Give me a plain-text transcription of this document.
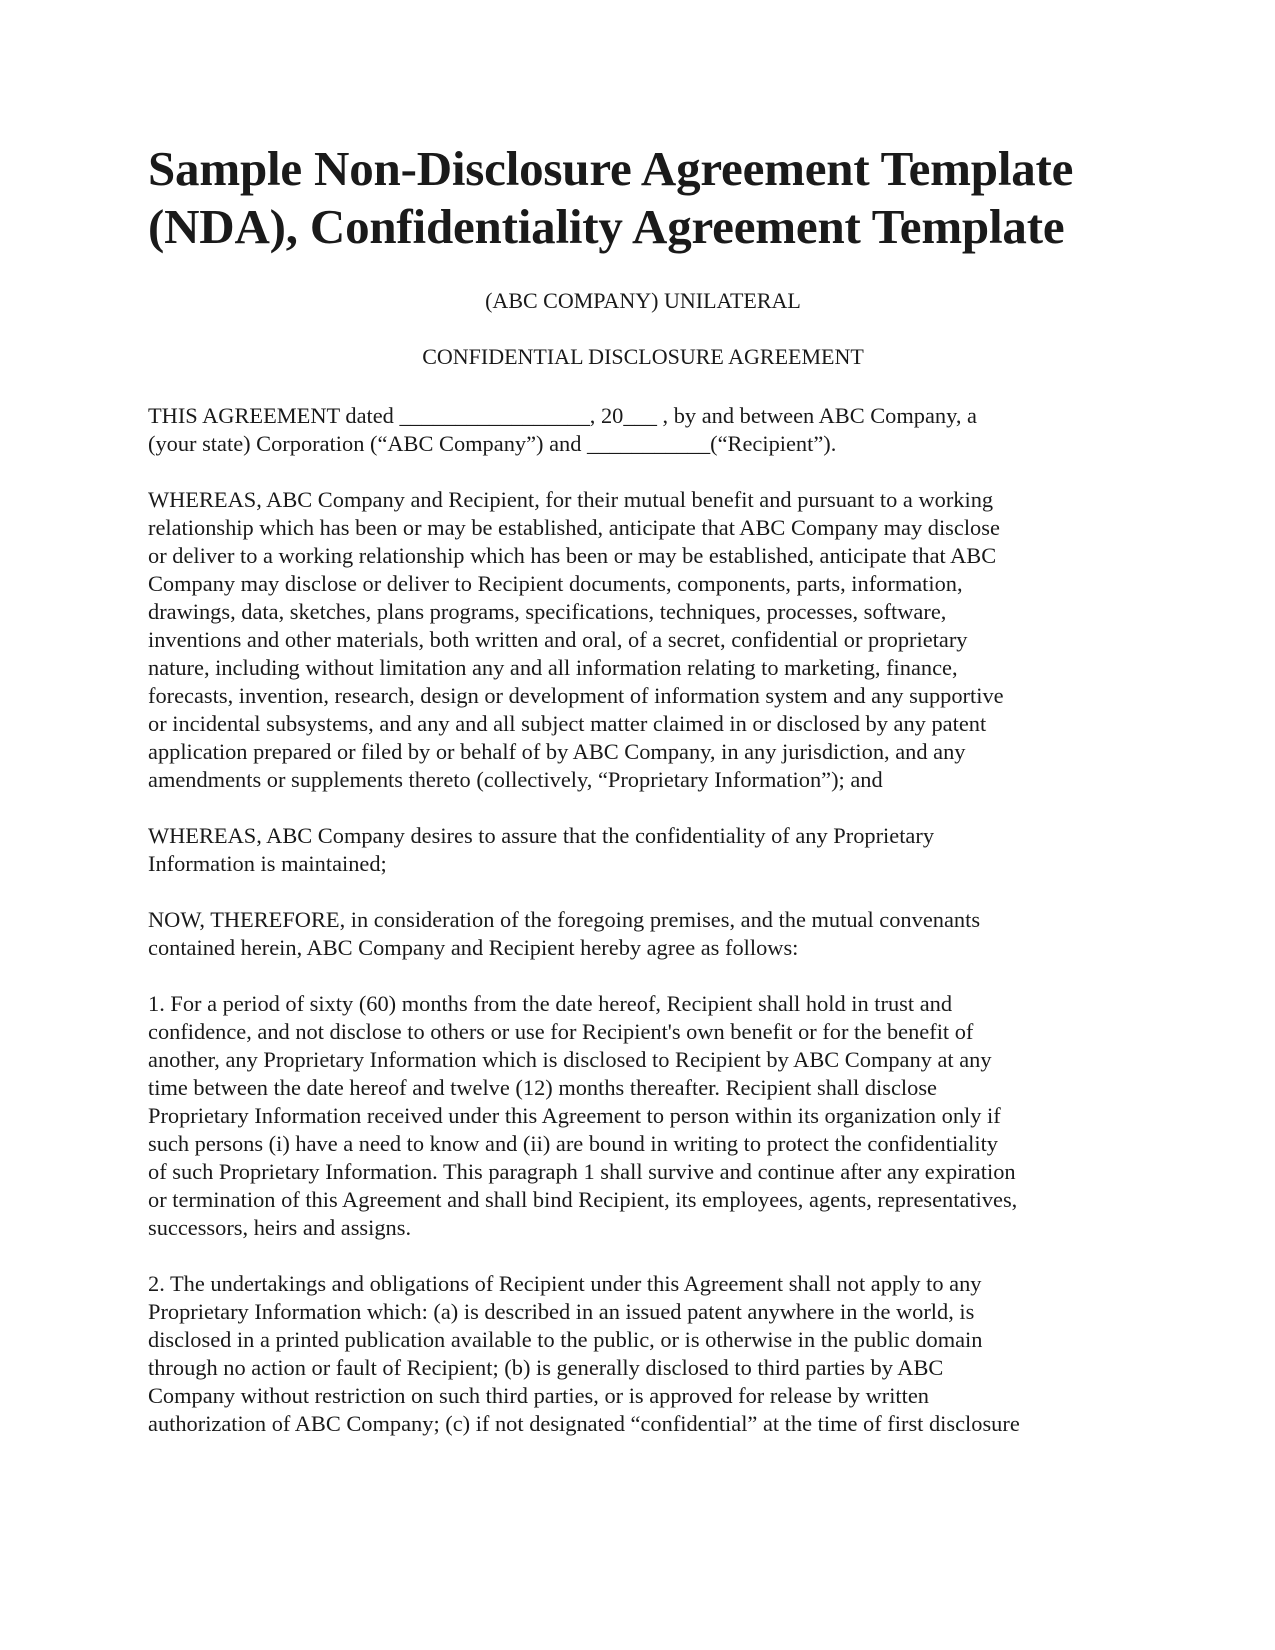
Sample Non-Disclosure Agreement Template
(NDA), Confidentiality Agreement Template

(ABC COMPANY) UNILATERAL

CONFIDENTIAL DISCLOSURE AGREEMENT

THIS AGREEMENT dated _________________, 20___ , by and between ABC Company, a
(your state) Corporation (“ABC Company”) and ___________(“Recipient”).

WHEREAS, ABC Company and Recipient, for their mutual benefit and pursuant to a working
relationship which has been or may be established, anticipate that ABC Company may disclose
or deliver to a working relationship which has been or may be established, anticipate that ABC
Company may disclose or deliver to Recipient documents, components, parts, information,
drawings, data, sketches, plans programs, specifications, techniques, processes, software,
inventions and other materials, both written and oral, of a secret, confidential or proprietary
nature, including without limitation any and all information relating to marketing, finance,
forecasts, invention, research, design or development of information system and any supportive
or incidental subsystems, and any and all subject matter claimed in or disclosed by any patent
application prepared or filed by or behalf of by ABC Company, in any jurisdiction, and any
amendments or supplements thereto (collectively, “Proprietary Information”); and

WHEREAS, ABC Company desires to assure that the confidentiality of any Proprietary
Information is maintained;

NOW, THEREFORE, in consideration of the foregoing premises, and the mutual convenants
contained herein, ABC Company and Recipient hereby agree as follows:

1. For a period of sixty (60) months from the date hereof, Recipient shall hold in trust and
confidence, and not disclose to others or use for Recipient's own benefit or for the benefit of
another, any Proprietary Information which is disclosed to Recipient by ABC Company at any
time between the date hereof and twelve (12) months thereafter. Recipient shall disclose
Proprietary Information received under this Agreement to person within its organization only if
such persons (i) have a need to know and (ii) are bound in writing to protect the confidentiality
of such Proprietary Information. This paragraph 1 shall survive and continue after any expiration
or termination of this Agreement and shall bind Recipient, its employees, agents, representatives,
successors, heirs and assigns.

2. The undertakings and obligations of Recipient under this Agreement shall not apply to any
Proprietary Information which: (a) is described in an issued patent anywhere in the world, is
disclosed in a printed publication available to the public, or is otherwise in the public domain
through no action or fault of Recipient; (b) is generally disclosed to third parties by ABC
Company without restriction on such third parties, or is approved for release by written
authorization of ABC Company; (c) if not designated “confidential” at the time of first disclosure
